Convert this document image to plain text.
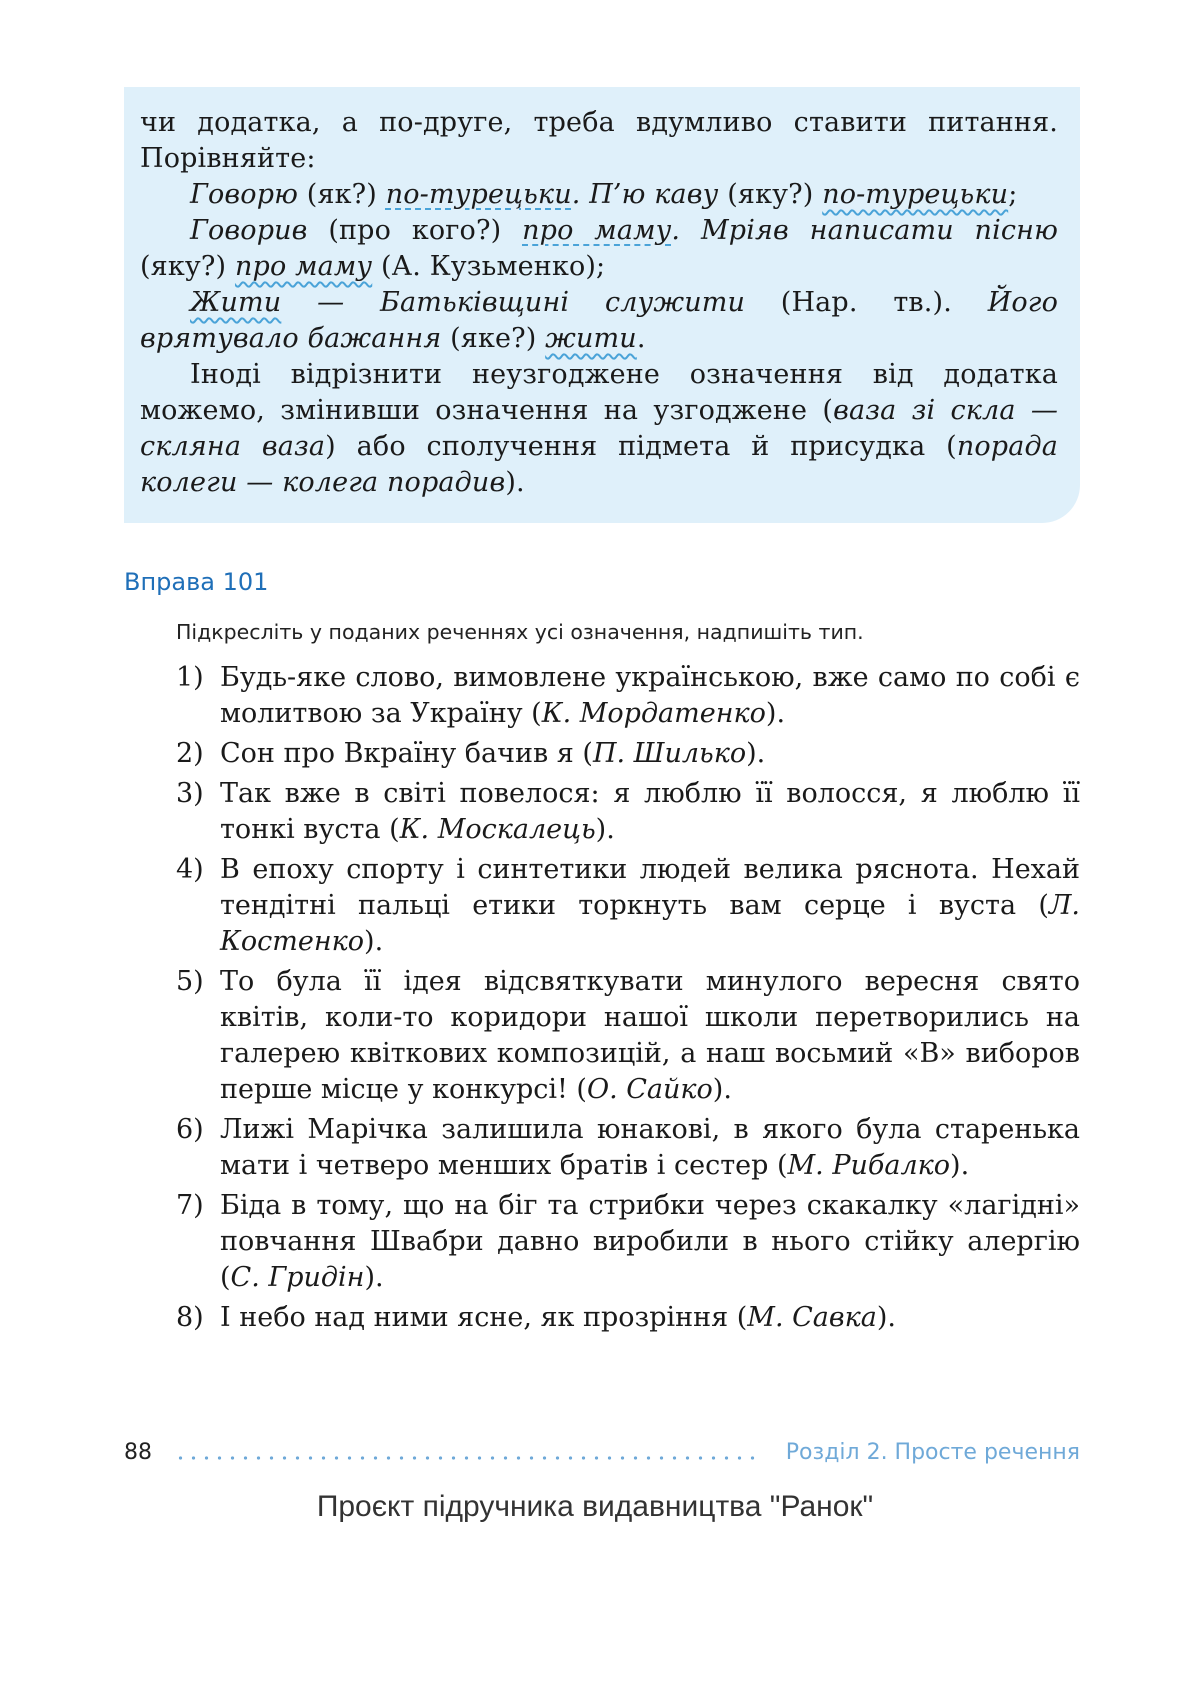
чи додатка, а по-друге, треба вдумливо ставити питання. Порівняйте:

Говорю (як?) по-турецьки. П’ю каву (яку?) по-турецьки;

Говорив (про кого?) про маму. Мріяв написати пісню (яку?) про маму (А. Кузьменко);

Жити — Батьківщині служити (Нар. тв.). Його врятувало бажання (яке?) жити.

Іноді відрізнити неузгоджене означення від додатка можемо, змінивши означення на узгоджене (ваза зі скла — скляна ваза) або сполучення підмета й присудка (порада колеги — колега порадив).

Вправа 101
Підкресліть у поданих реченнях усі означення, надпишіть тип.
1) Будь-яке слово, вимовлене українською, вже само по собі є молитвою за Україну (К. Мордатенко).
2) Сон про Вкраїну бачив я (П. Шилько).
3) Так вже в світі повелося: я люблю її волосся, я люблю її тонкі вуста (К. Москалець).
4) В епоху спорту і синтетики людей велика ряснота. Нехай тендітні пальці етики торкнуть вам серце і вуста (Л. Костенко).
5) То була її ідея відсвяткувати минулого вересня свято квітів, коли-то коридори нашої школи перетворились на галерею квіткових композицій, а наш восьмий «В» виборов перше місце у конкурсі! (О. Сайко).
6) Лижі Марічка залишила юнакові, в якого була старенька мати і четверо менших братів і сестер (М. Рибалко).
7) Біда в тому, що на біг та стрибки через скакалку «лагідні» повчання Швабри давно виробили в нього стійку алергію (С. Гридін).
8) І небо над ними ясне, як прозріння (М. Савка).
88	Розділ 2. Просте речення
Проєкт підручника видавництва "Ранок"
